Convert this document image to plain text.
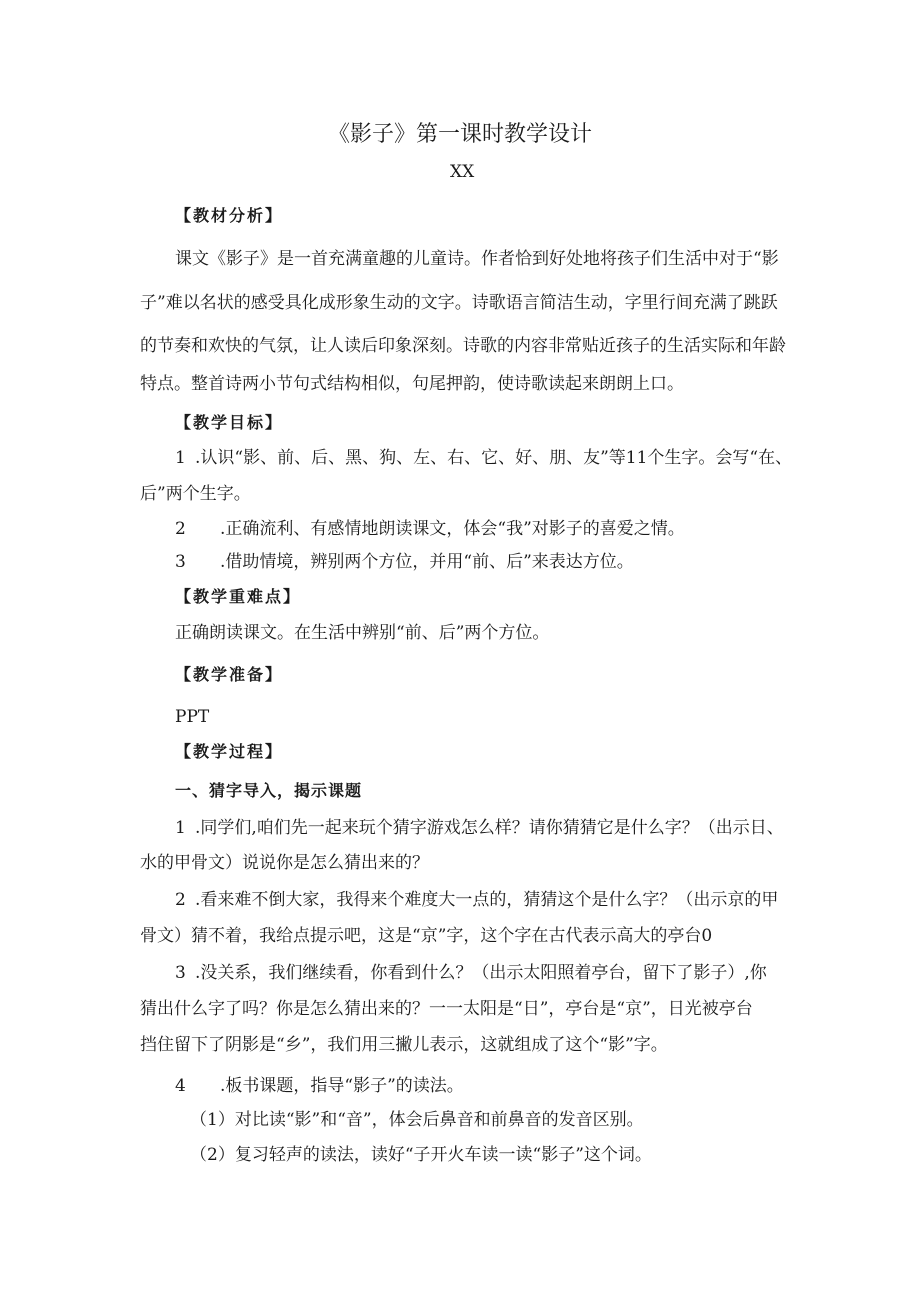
《影子》第一课时教学设计
XX
【教材分析】
课文《影子》是一首充满童趣的儿童诗。作者恰到好处地将孩子们生活中对于“影
子”难以名状的感受具化成形象生动的文字。诗歌语言简洁生动，字里行间充满了跳跃
的节奏和欢快的气氛，让人读后印象深刻。诗歌的内容非常贴近孩子的生活实际和年龄
特点。整首诗两小节句式结构相似，句尾押韵，使诗歌读起来朗朗上口。
【教学目标】
1 .认识“影、前、后、黑、狗、左、右、它、好、朋、友”等11个生字。会写“在、
后”两个生字。
2 .正确流利、有感情地朗读课文，体会“我”对影子的喜爱之情。
3 .借助情境，辨别两个方位，并用“前、后”来表达方位。
【教学重难点】
正确朗读课文。在生活中辨别“前、后”两个方位。
【教学准备】
PPT
【教学过程】
一、猜字导入，揭示课题
1 .同学们,咱们先一起来玩个猜字游戏怎么样？请你猜猜它是什么字？（出示日、
水的甲骨文）说说你是怎么猜出来的？
2 .看来难不倒大家，我得来个难度大一点的，猜猜这个是什么字？（出示京的甲
骨文）猜不着，我给点提示吧，这是“京”字，这个字在古代表示高大的亭台0
3 .没关系，我们继续看，你看到什么？（出示太阳照着亭台，留下了影子）,你
猜出什么字了吗？你是怎么猜出来的？一一太阳是“日”，亭台是“京”，日光被亭台
挡住留下了阴影是“乡”，我们用三撇儿表示，这就组成了这个“影”字。
4 .板书课题，指导“影子”的读法。
（1）对比读“影”和“音”，体会后鼻音和前鼻音的发音区别。
（2）复习轻声的读法，读好“子开火车读一读“影子”这个词。
